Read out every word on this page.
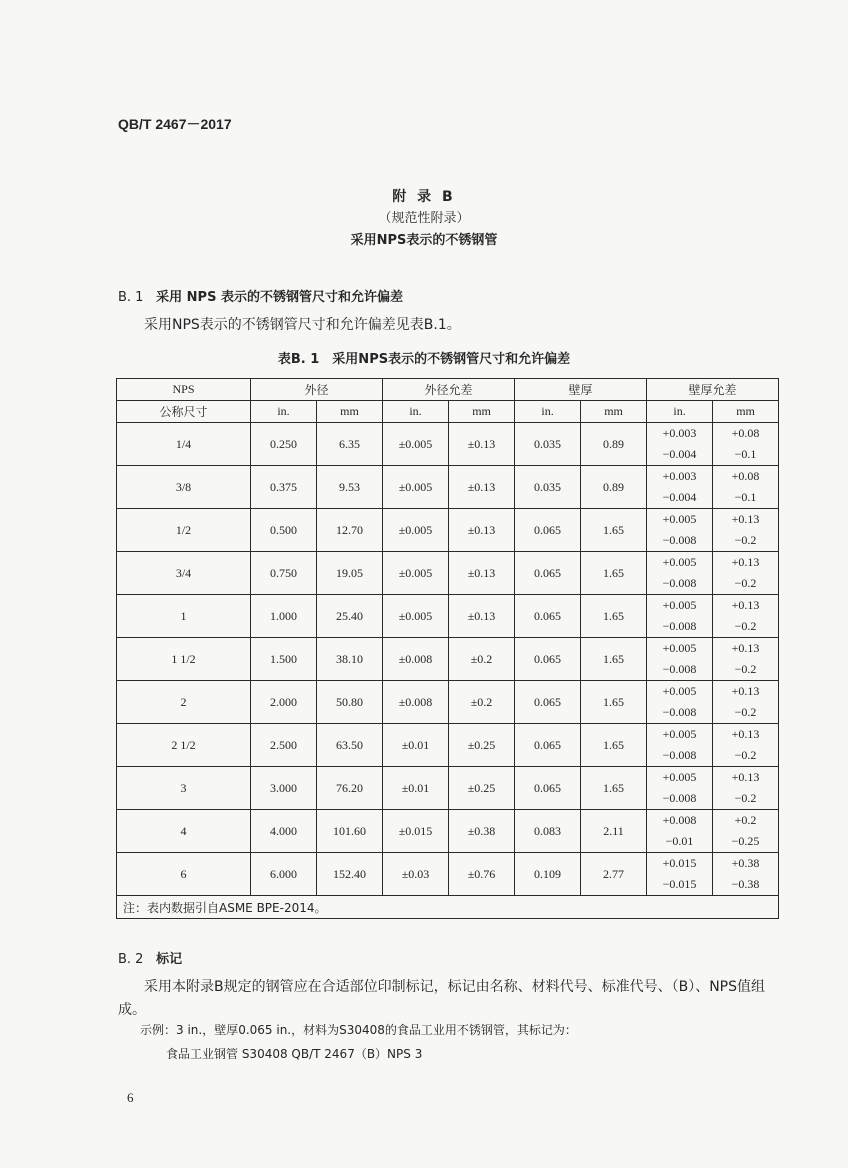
QB/T 2467－2017
附 录 B
（规范性附录）
采用NPS表示的不锈钢管
B. 1 采用 NPS 表示的不锈钢管尺寸和允许偏差
采用NPS表示的不锈钢管尺寸和允许偏差见表B.1。
表B. 1　采用NPS表示的不锈钢管尺寸和允许偏差
NPS	外径		外径允差		壁厚		壁厚允差	
公称尺寸	in.	mm	in.	mm	in.	mm	in.	mm
1/4	0.250	6.35	±0.005	±0.13	0.035	0.89	+0.003	+0.08
							−0.004	−0.1
3/8	0.375	9.53	±0.005	±0.13	0.035	0.89	+0.003	+0.08
							−0.004	−0.1
1/2	0.500	12.70	±0.005	±0.13	0.065	1.65	+0.005	+0.13
							−0.008	−0.2
3/4	0.750	19.05	±0.005	±0.13	0.065	1.65	+0.005	+0.13
							−0.008	−0.2
1	1.000	25.40	±0.005	±0.13	0.065	1.65	+0.005	+0.13
							−0.008	−0.2
1 1/2	1.500	38.10	±0.008	±0.2	0.065	1.65	+0.005	+0.13
							−0.008	−0.2
2	2.000	50.80	±0.008	±0.2	0.065	1.65	+0.005	+0.13
							−0.008	−0.2
2 1/2	2.500	63.50	±0.01	±0.25	0.065	1.65	+0.005	+0.13
							−0.008	−0.2
3	3.000	76.20	±0.01	±0.25	0.065	1.65	+0.005	+0.13
							−0.008	−0.2
4	4.000	101.60	±0.015	±0.38	0.083	2.11	+0.008	+0.2
							−0.01	−0.25
6	6.000	152.40	±0.03	±0.76	0.109	2.77	+0.015	+0.38
							−0.015	−0.38
注：表内数据引自ASME BPE-2014。								
B. 2 标记
采用本附录B规定的钢管应在合适部位印制标记，标记由名称、材料代号、标准代号、（B）、NPS值组成。
示例：3 in.，壁厚0.065 in.，材料为S30408的食品工业用不锈钢管，其标记为：
食品工业钢管 S30408 QB/T 2467（B）NPS 3
6
